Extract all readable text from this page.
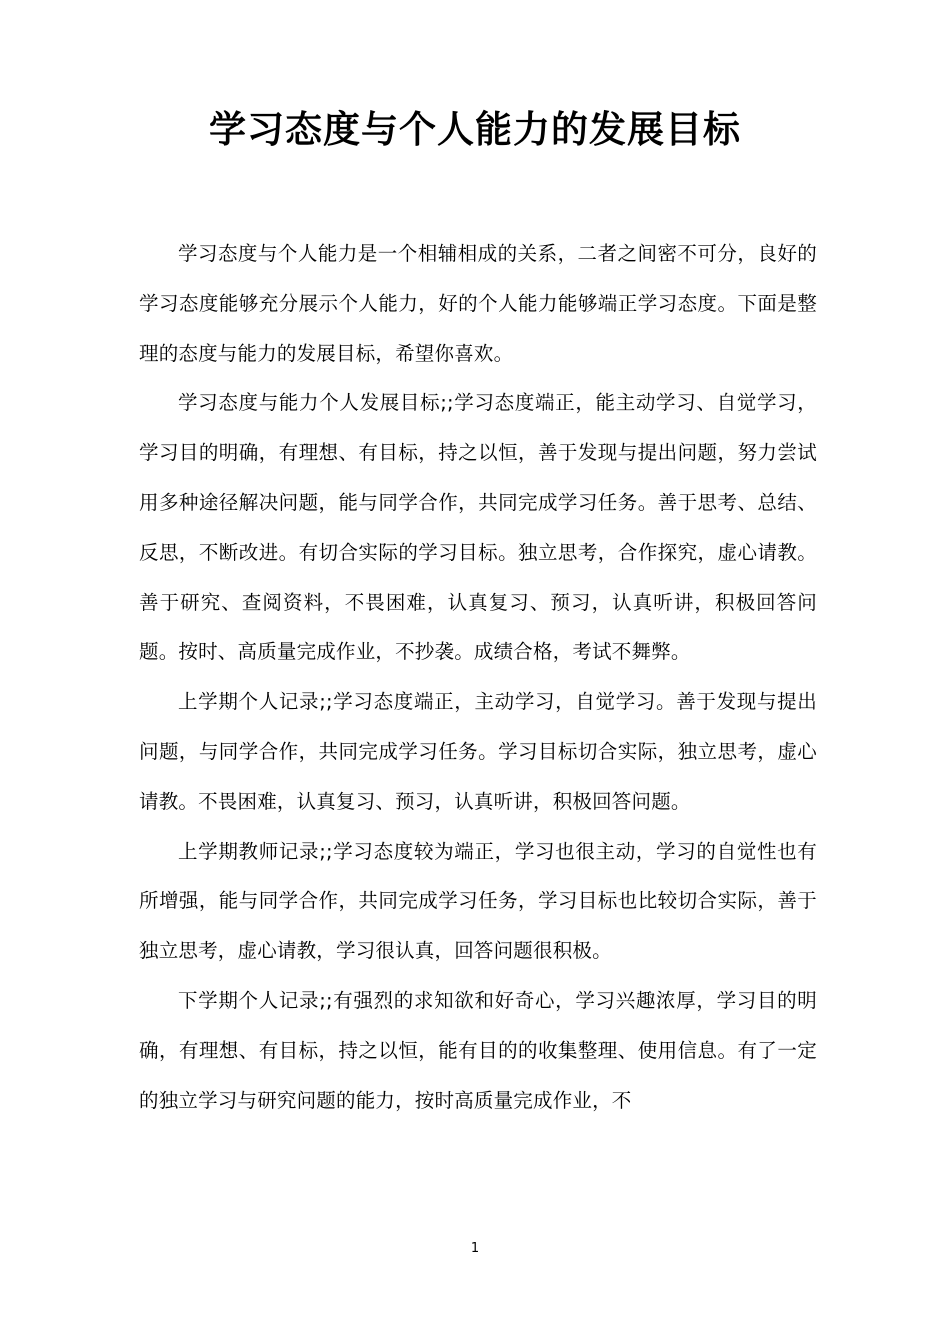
学习态度与个人能力的发展目标

学习态度与个人能力是一个相辅相成的关系，二者之间密不可分，良好的学习态度能够充分展示个人能力，好的个人能力能够端正学习态度。下面是整理的态度与能力的发展目标，希望你喜欢。

学习态度与能力个人发展目标;;学习态度端正，能主动学习、自觉学习，学习目的明确，有理想、有目标，持之以恒，善于发现与提出问题，努力尝试用多种途径解决问题，能与同学合作，共同完成学习任务。善于思考、总结、反思，不断改进。有切合实际的学习目标。独立思考，合作探究，虚心请教。善于研究、查阅资料，不畏困难，认真复习、预习，认真听讲，积极回答问题。按时、高质量完成作业，不抄袭。成绩合格，考试不舞弊。

上学期个人记录;;学习态度端正，主动学习，自觉学习。善于发现与提出问题，与同学合作，共同完成学习任务。学习目标切合实际，独立思考，虚心请教。不畏困难，认真复习、预习，认真听讲，积极回答问题。

上学期教师记录;;学习态度较为端正，学习也很主动，学习的自觉性也有所增强，能与同学合作，共同完成学习任务，学习目标也比较切合实际，善于独立思考，虚心请教，学习很认真，回答问题很积极。

下学期个人记录;;有强烈的求知欲和好奇心，学习兴趣浓厚，学习目的明确，有理想、有目标，持之以恒，能有目的的收集整理、使用信息。有了一定的独立学习与研究问题的能力，按时高质量完成作业，不

1
